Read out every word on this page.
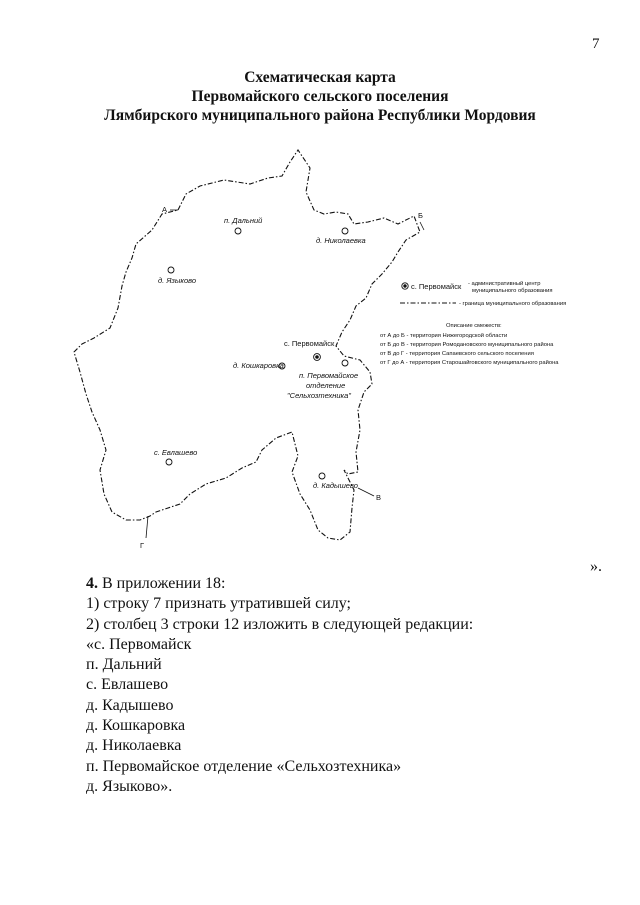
7
Схематическая карта
Первомайского сельского поселения
Лямбирского муниципального района Республики Мордовия
А
Б
В
Г
п. Дальний
д. Николаевка
д. Языково
с. Первомайск
д. Кошкаровка
п. Первомайское
отделение
"Сельхозтехника"
с. Евлашево
д. Кадышево
с. Первомайск - административный центр
муниципального образования
- граница муниципального образования
Описание смежеств:
от А до Б - территория Нижегородской области
от Б до В - территория Ромодановского муниципального района
от В до Г - территория Сапаевского сельского поселения
от Г до А - территория Старошайговского муниципального района
».
4. В приложении 18:
1) строку 7 признать утратившей силу;
2) столбец 3 строки 12 изложить в следующей редакции:
«с. Первомайск
п. Дальний
с. Евлашево
д. Кадышево
д. Кошкаровка
д. Николаевка
п. Первомайское отделение «Сельхозтехника»
д. Языково».
